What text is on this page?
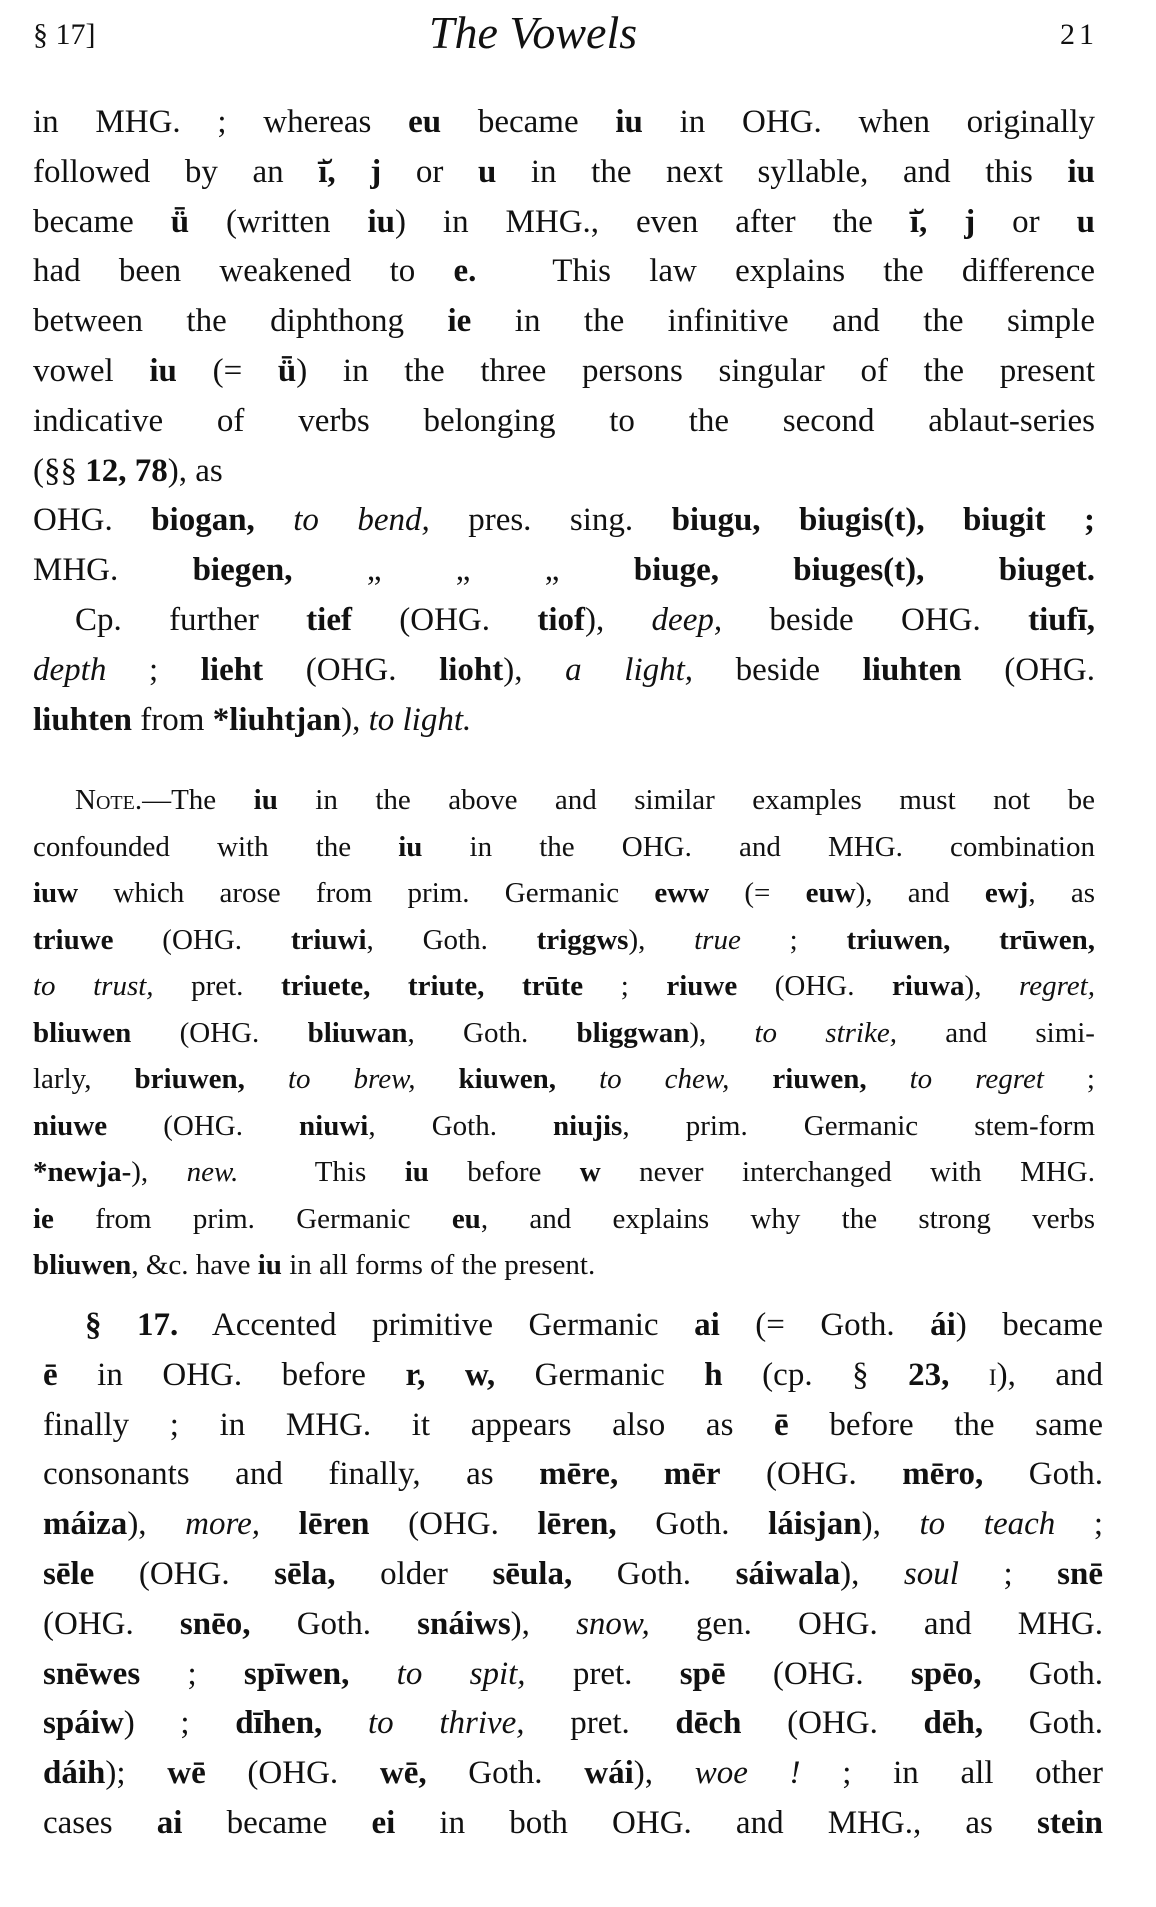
§ 17]	The Vowels	21
in MHG. ; whereas eu became iu in OHG. when originally
followed by an ī̆, j or u in the next syllable, and this iu
became ǖ (written iu) in MHG., even after the ī̆, j or u
had been weakened to e.  This law explains the difference
between the diphthong ie in the infinitive and the simple
vowel iu (= ǖ) in the three persons singular of the present
indicative of verbs belonging to the second ablaut-series
(§§ 12, 78), as
OHG. biogan, to bend, pres. sing. biugu, biugis(t), biugit ;
MHG. biegen, „ „ „ biuge, biuges(t), biuget.
Cp. further tief (OHG. tiof), deep, beside OHG. tiufī,
depth ; lieht (OHG. lioht), a light, beside liuhten (OHG.
liuhten from *liuhtjan), to light.
Note.—The iu in the above and similar examples must not be
confounded with the iu in the OHG. and MHG. combination
iuw which arose from prim. Germanic eww (= euw), and ewj, as
triuwe (OHG. triuwi, Goth. triggws), true ; triuwen, trūwen,
to trust, pret. triuete, triute, trūte ; riuwe (OHG. riuwa), regret,
bliuwen (OHG. bliuwan, Goth. bliggwan), to strike, and simi-
larly, briuwen, to brew, kiuwen, to chew, riuwen, to regret ;
niuwe (OHG. niuwi, Goth. niujis, prim. Germanic stem-form
*newja-), new.  This iu before w never interchanged with MHG.
ie from prim. Germanic eu, and explains why the strong verbs
bliuwen, &c. have iu in all forms of the present.
§ 17. Accented primitive Germanic ai (= Goth. ái) became
ē in OHG. before r, w, Germanic h (cp. § 23, i), and
finally ; in MHG. it appears also as ē before the same
consonants and finally, as mēre, mēr (OHG. mēro, Goth.
máiza), more, lēren (OHG. lēren, Goth. láisjan), to teach ;
sēle (OHG. sēla, older sēula, Goth. sáiwala), soul ; snē
(OHG. snēo, Goth. snáiws), snow, gen. OHG. and MHG.
snēwes ; spīwen, to spit, pret. spē (OHG. spēo, Goth.
spáiw) ; dīhen, to thrive, pret. dēch (OHG. dēh, Goth.
dáih); wē (OHG. wē, Goth. wái), woe ! ; in all other
cases ai became ei in both OHG. and MHG., as stein
